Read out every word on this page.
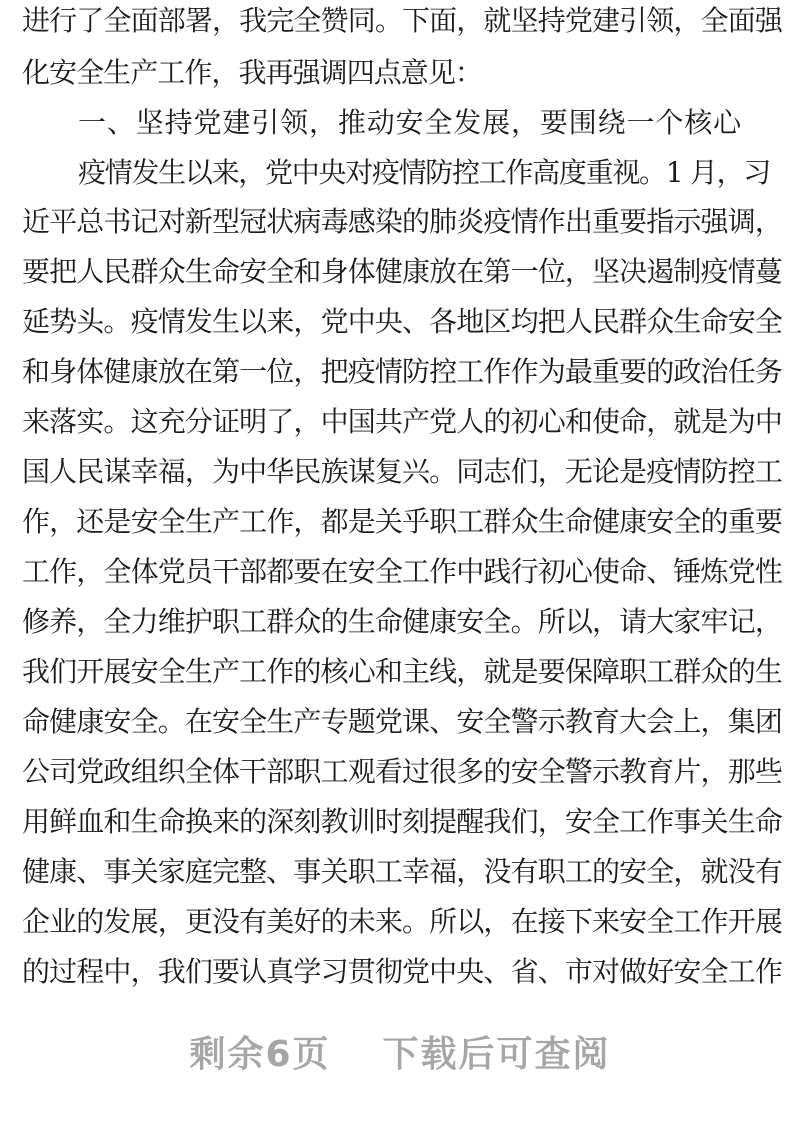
进行了全面部署，我完全赞同。下面，就坚持党建引领，全面强
化安全生产工作，我再强调四点意见：
一、坚持党建引领，推动安全发展，要围绕一个核心
疫情发生以来，党中央对疫情防控工作高度重视。1 月，习
近平总书记对新型冠状病毒感染的肺炎疫情作出重要指示强调，
要把人民群众生命安全和身体健康放在第一位，坚决遏制疫情蔓
延势头。疫情发生以来，党中央、各地区均把人民群众生命安全
和身体健康放在第一位，把疫情防控工作作为最重要的政治任务
来落实。这充分证明了，中国共产党人的初心和使命，就是为中
国人民谋幸福，为中华民族谋复兴。同志们，无论是疫情防控工
作，还是安全生产工作，都是关乎职工群众生命健康安全的重要
工作，全体党员干部都要在安全工作中践行初心使命、锤炼党性
修养，全力维护职工群众的生命健康安全。所以，请大家牢记，
我们开展安全生产工作的核心和主线，就是要保障职工群众的生
命健康安全。在安全生产专题党课、安全警示教育大会上，集团
公司党政组织全体干部职工观看过很多的安全警示教育片，那些
用鲜血和生命换来的深刻教训时刻提醒我们，安全工作事关生命
健康、事关家庭完整、事关职工幸福，没有职工的安全，就没有
企业的发展，更没有美好的未来。所以，在接下来安全工作开展
的过程中，我们要认真学习贯彻党中央、省、市对做好安全工作
剩余6页 下载后可查阅
